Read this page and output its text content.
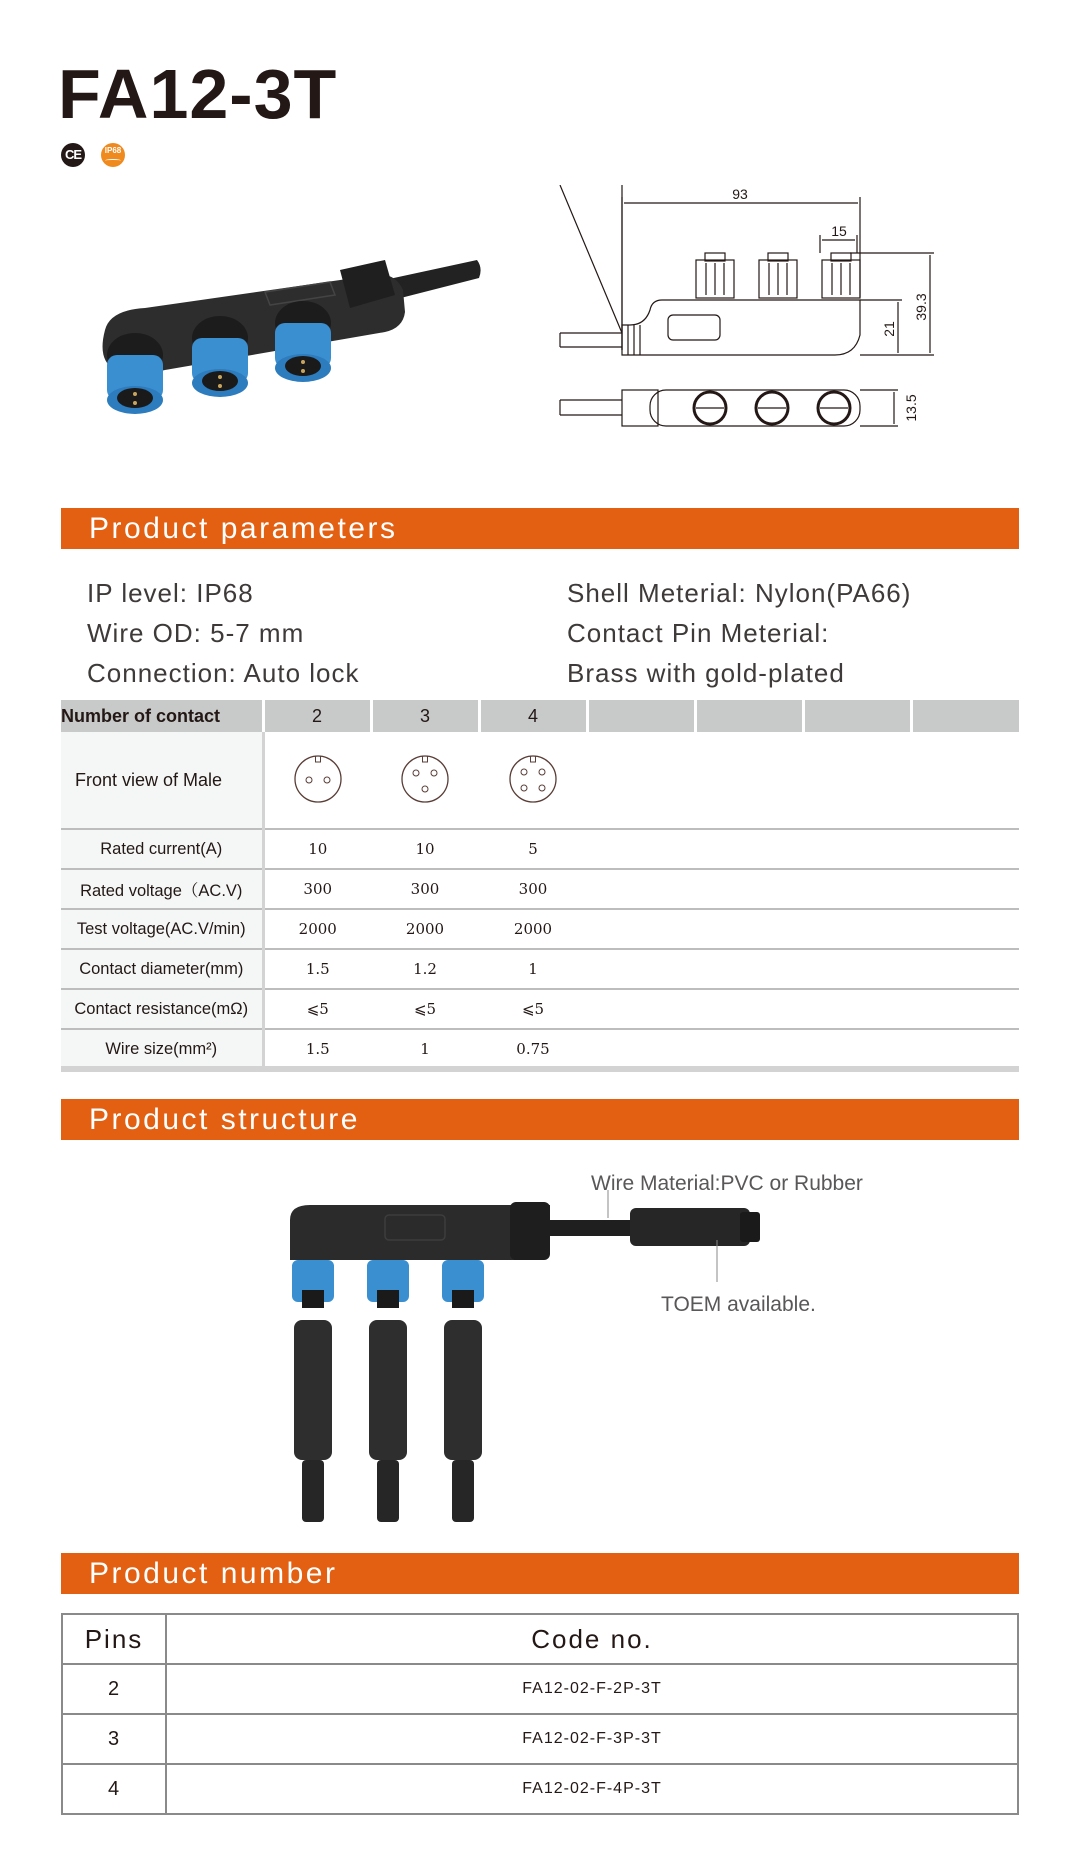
FA12-3T
CE	IP68
93
15
39.3
21
13.5
Product parameters
IP level: IP68
Wire OD: 5-7 mm
Connection: Auto lock
Shell Meterial: Nylon(PA66)
Contact Pin Meterial:
Brass with gold-plated
Number of contact	2	3	4				
Front view of Male							
Rated current(A)	10	10	5				
Rated voltage（AC.V)	300	300	300				
Test voltage(AC.V/min)	2000	2000	2000				
Contact diameter(mm)	1.5	1.2	1				
Contact resistance(mΩ)	⩽5	⩽5	⩽5				
Wire size(mm²)	1.5	1	0.75				
Product structure
Wire Material:PVC or Rubber
TOEM available.
Product number
Pins	Code no.
2	FA12-02-F-2P-3T
3	FA12-02-F-3P-3T
4	FA12-02-F-4P-3T
